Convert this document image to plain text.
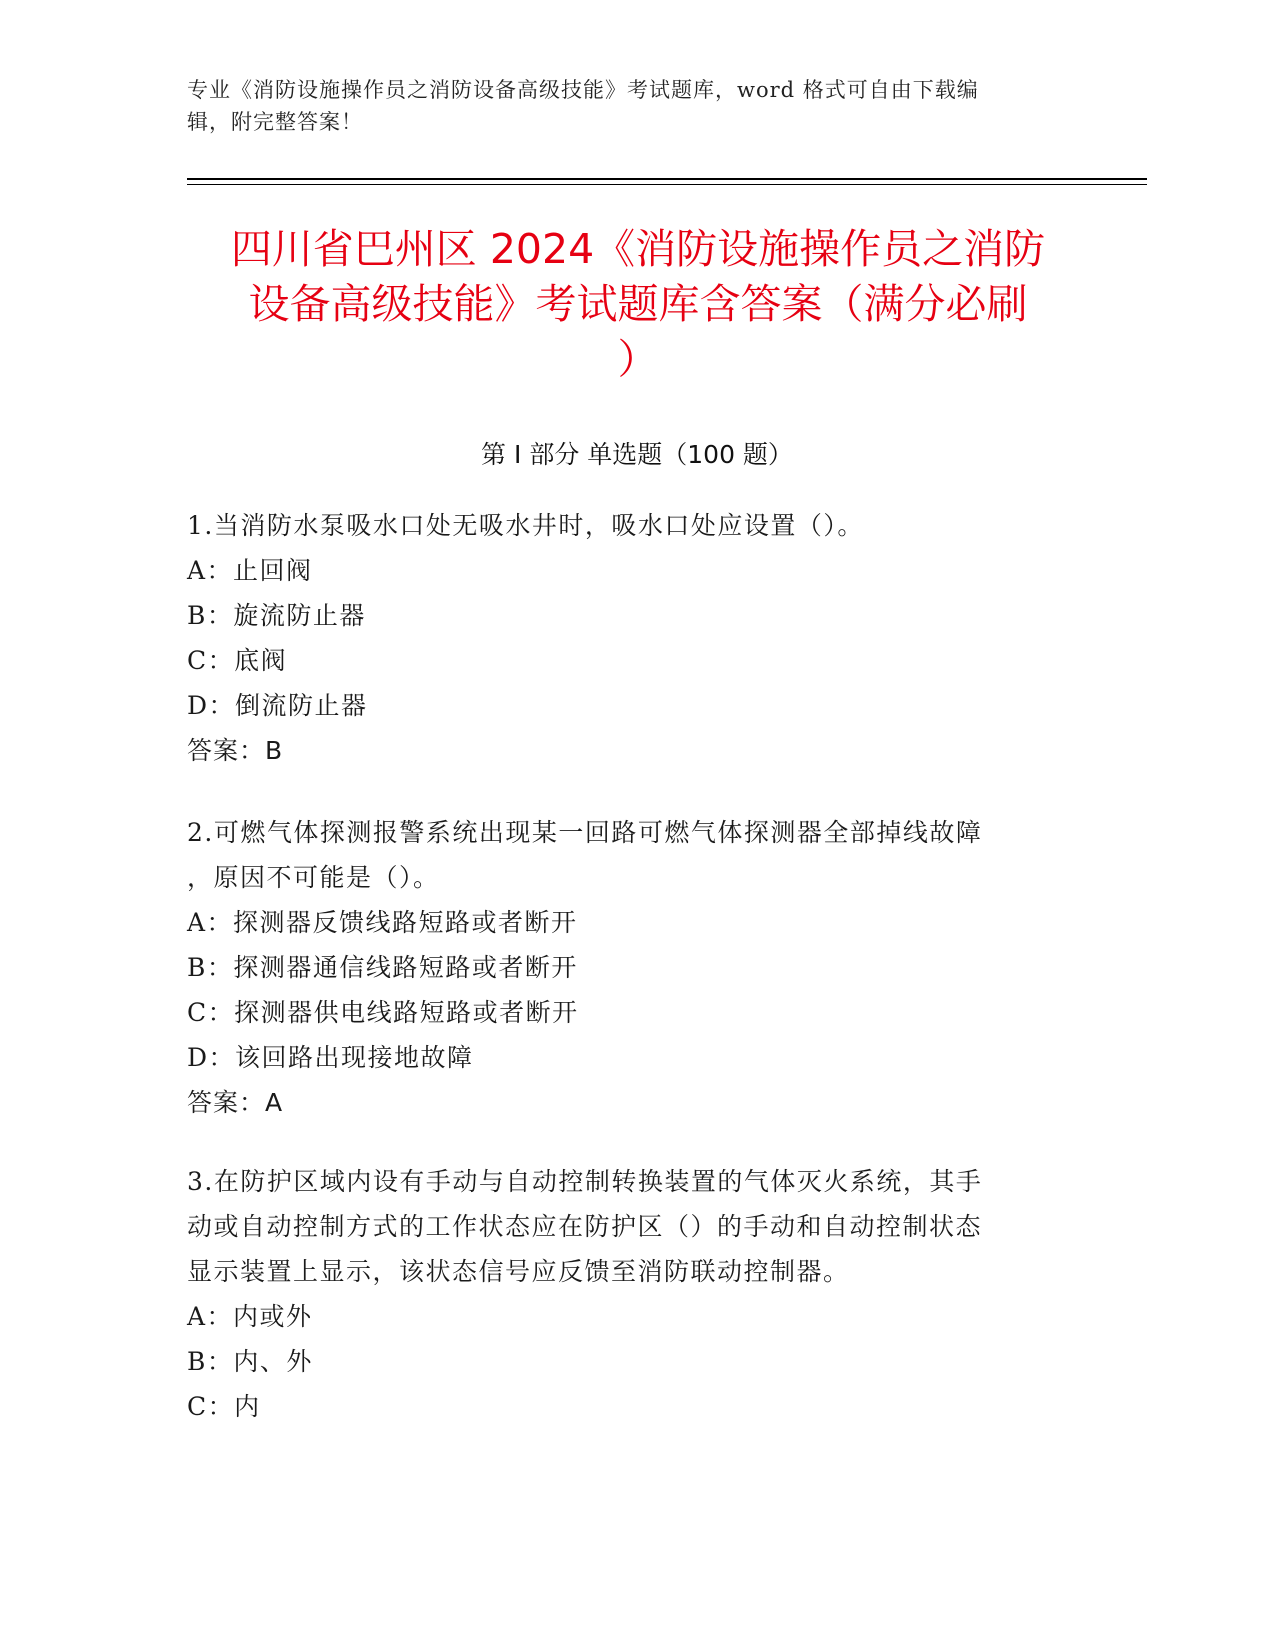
专业《消防设施操作员之消防设备高级技能》考试题库，word 格式可自由下载编
辑，附完整答案！
四川省巴州区 2024《消防设施操作员之消防
设备高级技能》考试题库含答案（满分必刷
）
第 I 部分 单选题（100 题）
1.当消防水泵吸水口处无吸水井时，吸水口处应设置（）。
A：止回阀
B：旋流防止器
C：底阀
D：倒流防止器
答案：B
2.可燃气体探测报警系统出现某一回路可燃气体探测器全部掉线故障
，原因不可能是（）。
A：探测器反馈线路短路或者断开
B：探测器通信线路短路或者断开
C：探测器供电线路短路或者断开
D：该回路出现接地故障
答案：A
3.在防护区域内设有手动与自动控制转换装置的气体灭火系统，其手
动或自动控制方式的工作状态应在防护区（）的手动和自动控制状态
显示装置上显示，该状态信号应反馈至消防联动控制器。
A：内或外
B：内、外
C：内
